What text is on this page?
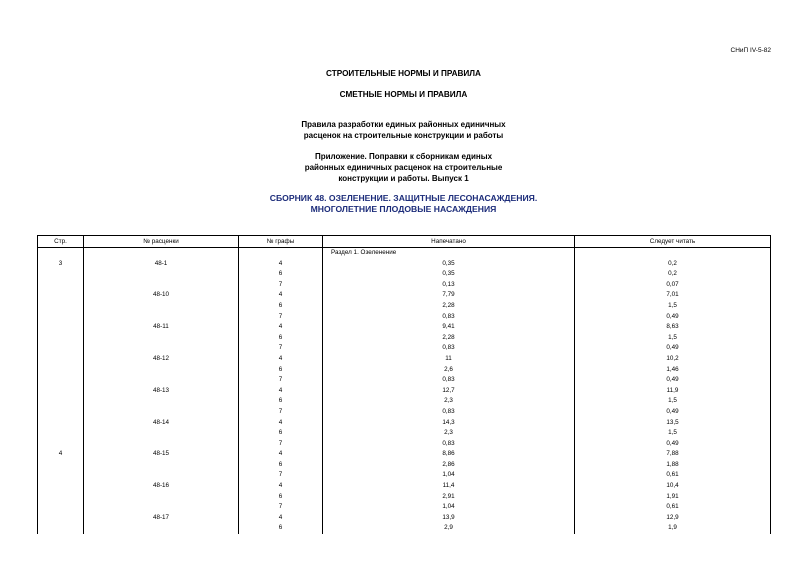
СНиП IV-5-82
СТРОИТЕЛЬНЫЕ НОРМЫ И ПРАВИЛА
СМЕТНЫЕ НОРМЫ И ПРАВИЛА
Правила разработки единых районных единичных
расценок на строительные конструкции и работы
Приложение. Поправки к сборникам единых
районных единичных расценок на строительные
конструкции и работы. Выпуск 1
СБОРНИК 48. ОЗЕЛЕНЕНИЕ. ЗАЩИТНЫЕ ЛЕСОНАСАЖДЕНИЯ.
МНОГОЛЕТНИЕ ПЛОДОВЫЕ НАСАЖДЕНИЯ
Стр.	№ расценки	№ графы	Напечатано	Следует читать
			Раздел 1. Озеленение	
3	48-1	4	0,35	0,2
		6	0,35	0,2
		7	0,13	0,07
	48-10	4	7,79	7,01
		6	2,28	1,5
		7	0,83	0,49
	48-11	4	9,41	8,63
		6	2,28	1,5
		7	0,83	0,49
	48-12	4	11	10,2
		6	2,6	1,46
		7	0,83	0,49
	48-13	4	12,7	11,9
		6	2,3	1,5
		7	0,83	0,49
	48-14	4	14,3	13,5
		6	2,3	1,5
		7	0,83	0,49
4	48-15	4	8,86	7,88
		6	2,86	1,88
		7	1,04	0,61
	48-16	4	11,4	10,4
		6	2,91	1,91
		7	1,04	0,61
	48-17	4	13,9	12,9
		6	2,9	1,9
